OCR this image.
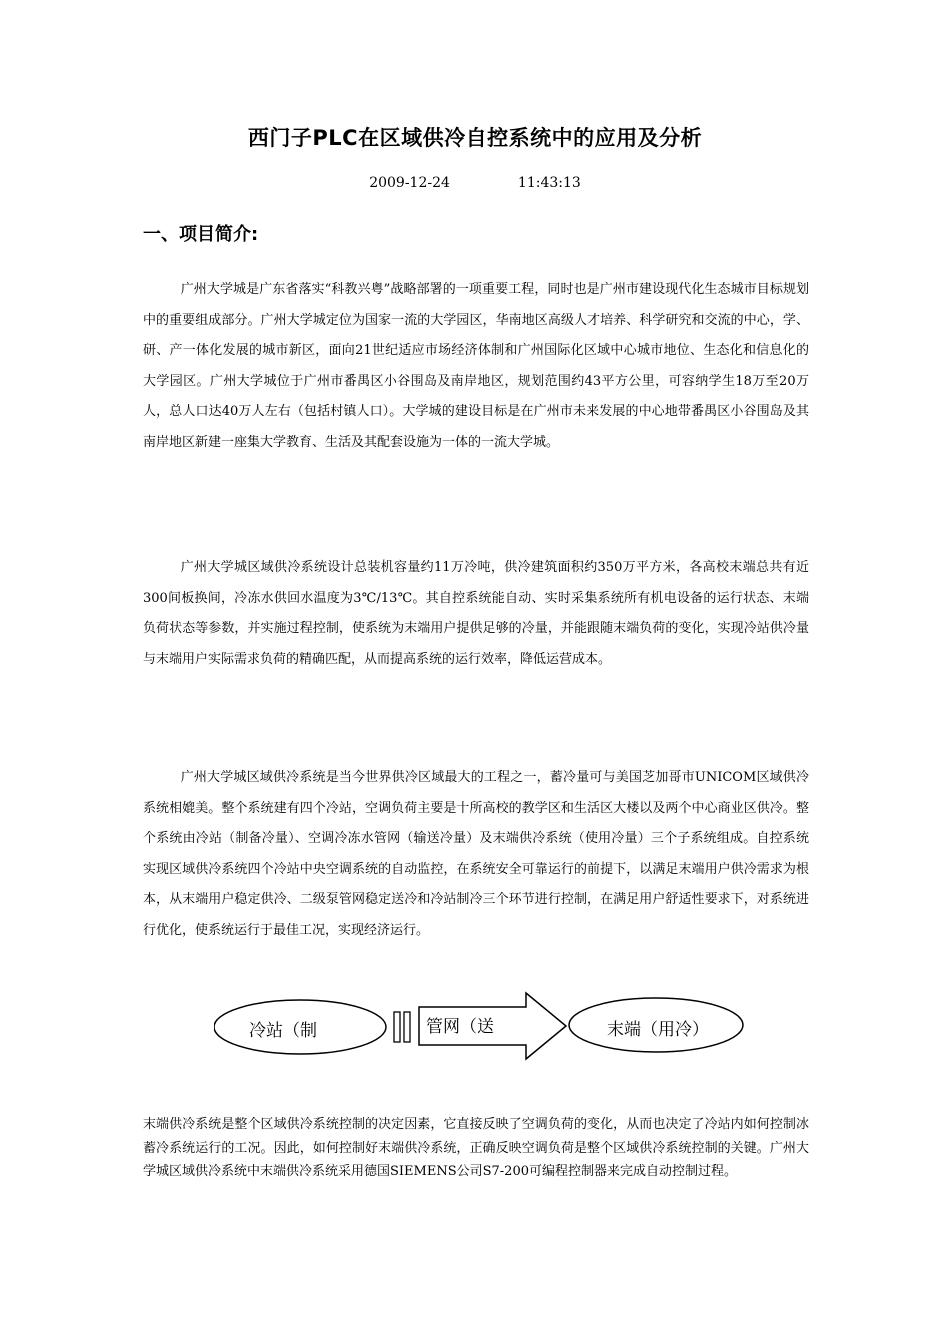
西门子PLC在区域供冷自控系统中的应用及分析
2009-12-24	11:43:13
一、项目简介:

广州大学城是广东省落实“科教兴粤”战略部署的一项重要工程，同时也是广州市建设现代化生态城市目标规划中的重要组成部分。广州大学城定位为国家一流的大学园区，华南地区高级人才培养、科学研究和交流的中心，学、研、产一体化发展的城市新区，面向21世纪适应市场经济体制和广州国际化区域中心城市地位、生态化和信息化的大学园区。广州大学城位于广州市番禺区小谷围岛及南岸地区，规划范围约43平方公里，可容纳学生18万至20万人，总人口达40万人左右（包括村镇人口）。大学城的建设目标是在广州市未来发展的中心地带番禺区小谷围岛及其南岸地区新建一座集大学教育、生活及其配套设施为一体的一流大学城。

广州大学城区域供冷系统设计总装机容量约11万冷吨，供冷建筑面积约350万平方米，各高校末端总共有近300间板换间，冷冻水供回水温度为3℃/13℃。其自控系统能自动、实时采集系统所有机电设备的运行状态、末端负荷状态等参数，并实施过程控制，使系统为末端用户提供足够的冷量，并能跟随末端负荷的变化，实现冷站供冷量与末端用户实际需求负荷的精确匹配，从而提高系统的运行效率，降低运营成本。

广州大学城区域供冷系统是当今世界供冷区域最大的工程之一，蓄冷量可与美国芝加哥市UNICOM区域供冷系统相媲美。整个系统建有四个冷站，空调负荷主要是十所高校的教学区和生活区大楼以及两个中心商业区供冷。整个系统由冷站（制备冷量）、空调冷冻水管网（输送冷量）及末端供冷系统（使用冷量）三个子系统组成。自控系统实现区域供冷系统四个冷站中央空调系统的自动监控，在系统安全可靠运行的前提下，以满足末端用户供冷需求为根本，从末端用户稳定供冷、二级泵管网稳定送冷和冷站制冷三个环节进行控制，在满足用户舒适性要求下，对系统进行优化，使系统运行于最佳工况，实现经济运行。

冷站（制	管网（送	末端（用冷）

末端供冷系统是整个区域供冷系统控制的决定因素，它直接反映了空调负荷的变化，从而也决定了冷站内如何控制冰蓄冷系统运行的工况。因此，如何控制好末端供冷系统，正确反映空调负荷是整个区域供冷系统控制的关键。广州大学城区域供冷系统中末端供冷系统采用德国SIEMENS公司S7-200可编程控制器来完成自动控制过程。
